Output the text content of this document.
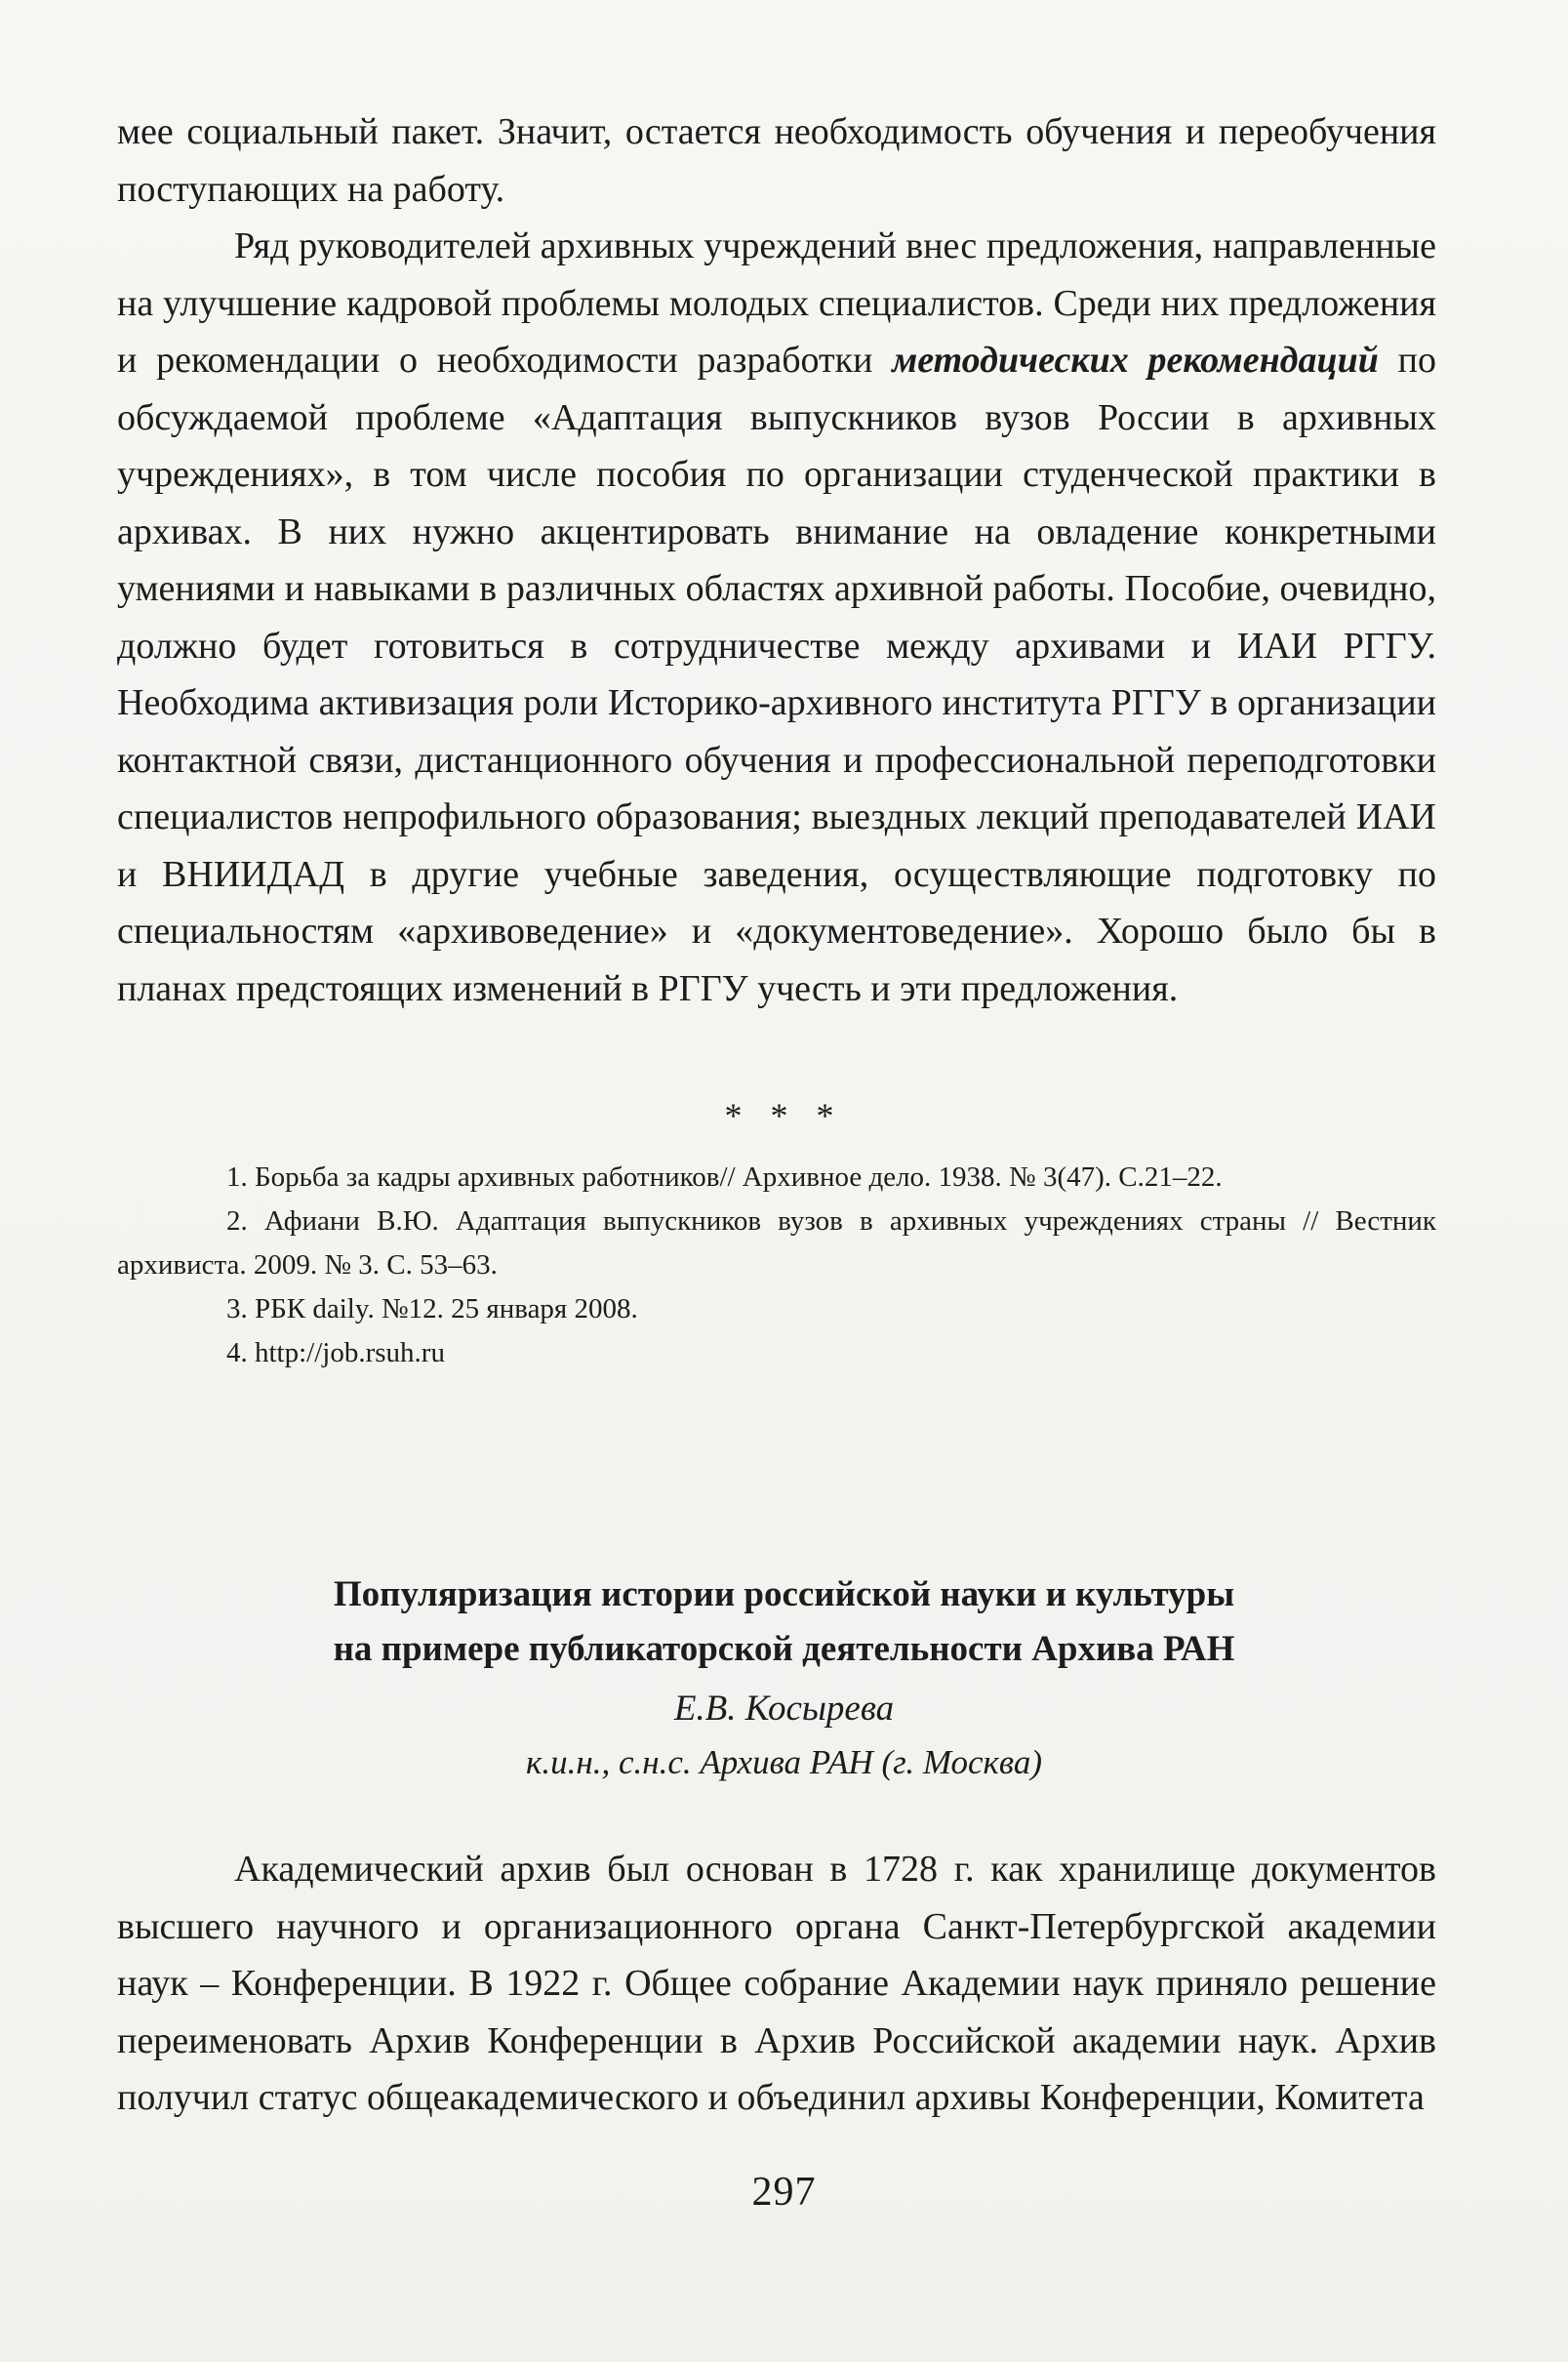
мее социальный пакет. Значит, остается необходимость обучения и переобучения поступающих на работу.

Ряд руководителей архивных учреждений внес предложения, направленные на улучшение кадровой проблемы молодых специалистов. Среди них предложения и рекомендации о необходимости разработки методических рекомендаций по обсуждаемой проблеме «Адаптация выпускников вузов России в архивных учреждениях», в том числе пособия по организации студенческой практики в архивах. В них нужно акцентировать внимание на овладение конкретными умениями и навыками в различных областях архивной работы. Пособие, очевидно, должно будет готовиться в сотрудничестве между архивами и ИАИ РГГУ. Необходима активизация роли Историко-архивного института РГГУ в организации контактной связи, дистанционного обучения и профессиональной переподготовки специалистов непрофильного образования; выездных лекций преподавателей ИАИ и ВНИИДАД в другие учебные заведения, осуществляющие подготовку по специальностям «архивоведение» и «документоведение». Хорошо было бы в планах предстоящих изменений в РГГУ учесть и эти предложения.

* * *

1. Борьба за кадры архивных работников// Архивное дело. 1938. № 3(47). С.21–22.

2. Афиани В.Ю. Адаптация выпускников вузов в архивных учреждениях страны // Вестник архивиста. 2009. № 3. С. 53–63.

3. РБК daily. №12. 25 января 2008.

4. http://job.rsuh.ru

Популяризация истории российской науки и культуры

на примере публикаторской деятельности Архива РАН

Е.В. Косырева

к.и.н., с.н.с. Архива РАН (г. Москва)

Академический архив был основан в 1728 г. как хранилище документов высшего научного и организационного органа Санкт-Петербургской академии наук – Конференции. В 1922 г. Общее собрание Академии наук приняло решение переименовать Архив Конференции в Архив Российской академии наук. Архив получил статус общеакадемического и объединил архивы Конференции, Комитета

297
